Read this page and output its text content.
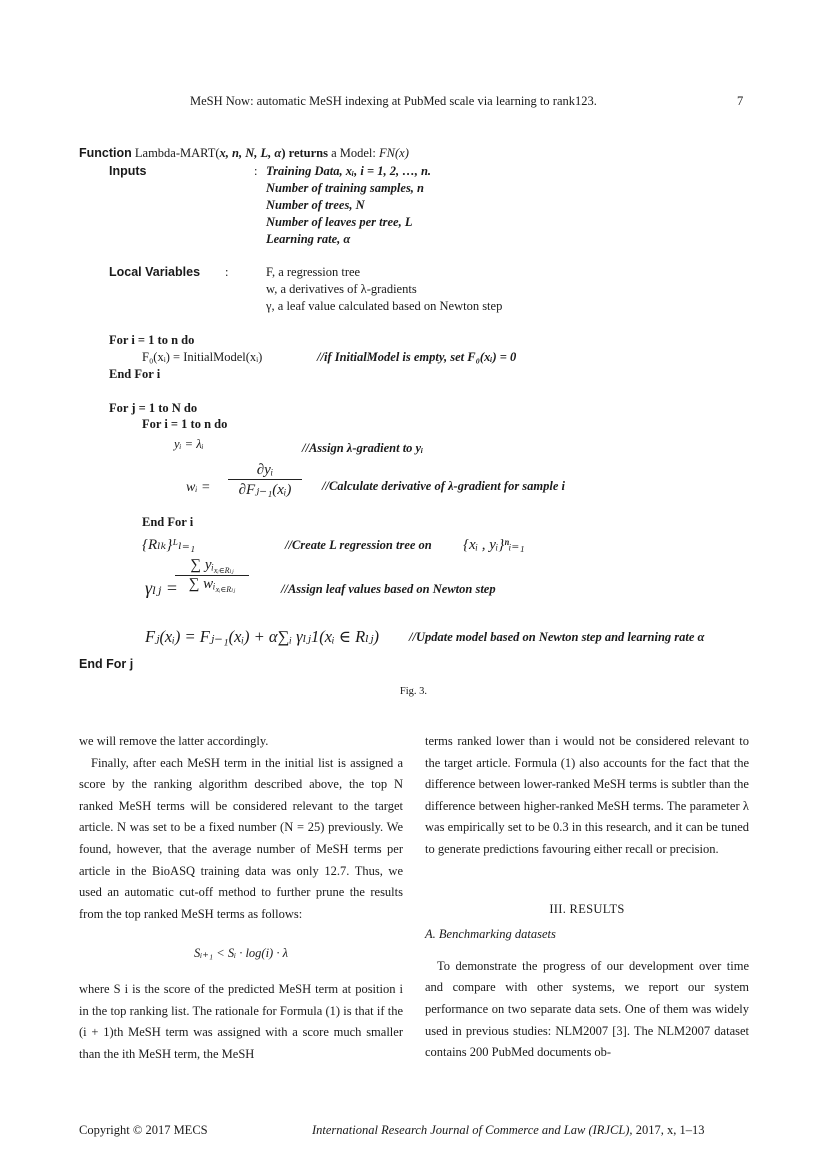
MeSH Now: automatic MeSH indexing at PubMed scale via learning to rank123.	7
Function Lambda-MART(x, n, N, L, α) returns a Model: FN(x)
Inputs	: Training Data, xᵢ, i = 1, 2, …, n.
Number of training samples, n
Number of trees, N
Number of leaves per tree, L
Learning rate, α
Local Variables :	F, a regression tree
w, a derivatives of λ-gradients
γ, a leaf value calculated based on Newton step
For i = 1 to n do
F₀(xᵢ) = InitialModel(xᵢ)	//if InitialModel is empty, set F₀(xᵢ) = 0
End For i
For j = 1 to N do
For i = 1 to n do
yᵢ = λᵢ	//Assign λ-gradient to yᵢ
wᵢ = $\frac{\text{∂yᵢ}}{\text{∂Fⱼ₋₁(xᵢ)}}$ //Calculate derivative of λ-gradient for sample i
End For i
{Rₗₖ}ᴸₗ₌₁	//Create L regression tree on {xᵢ , yᵢ}ⁿᵢ₌₁
γₗⱼ =
∑ yᵢ$_{xᵢ\in R_lⱼ}$
∑ wᵢ$_{xᵢ\in R_lⱼ}$	//Assign leaf values based on Newton step
Fⱼ(xᵢ) = Fⱼ₋₁(xᵢ) + α∑ᵢ γₗⱼ1(xᵢ ∈ Rₗⱼ) //Update model based on Newton step and learning rate α
End For j
Fig. 3.

we will remove the latter accordingly.

Finally, after each MeSH term in the initial list is assigned a score by the ranking algorithm described above, the top N ranked MeSH terms will be considered relevant to the target article. N was set to be a fixed number (N = 25) previously. We found, however, that the average number of MeSH terms per article in the BioASQ training data was only 12.7. Thus, we used an automatic cut-off method to further prune the results from the top ranked MeSH terms as follows:

Sᵢ₊₁ < Sᵢ · log(i) · λ

where S i is the score of the predicted MeSH term at position i in the top ranking list. The rationale for Formula (1) is that if the (i + 1)th MeSH term was assigned with a score much smaller than the ith MeSH term, the MeSH

terms ranked lower than i would not be considered relevant to the target article. Formula (1) also accounts for the fact that the difference between lower-ranked MeSH terms is subtler than the difference between higher-ranked MeSH terms. The parameter λ was empirically set to be 0.3 in this research, and it can be tuned to generate predictions favouring either recall or precision.

III. RESULTS

A. Benchmarking datasets

To demonstrate the progress of our development over time and compare with other systems, we report our system performance on two separate data sets. One of them was widely used in previous studies: NLM2007 [3]. The NLM2007 dataset contains 200 PubMed documents ob-

Copyright © 2017 MECS	International Research Journal of Commerce and Law (IRJCL), 2017, x, 1–13
